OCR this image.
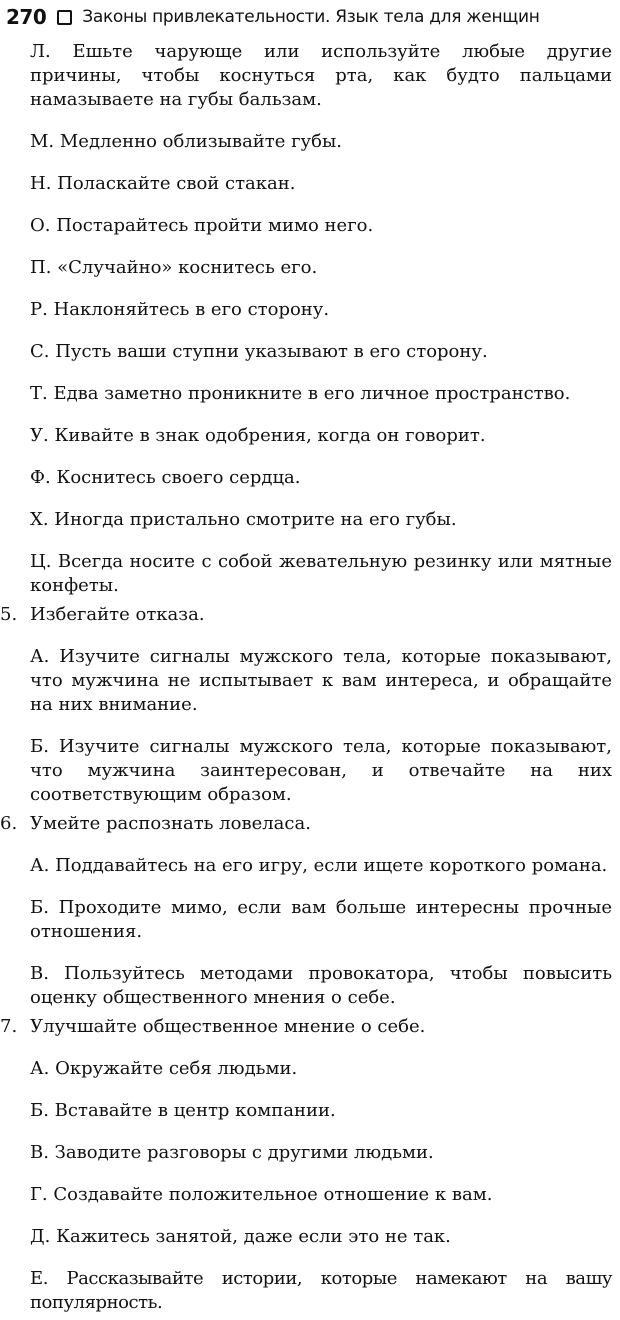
270 Законы привлекательности. Язык тела для женщин

Л. Ешьте чарующе или используйте любые другие причины, чтобы коснуться рта, как будто пальцами намазываете на губы бальзам.

М. Медленно облизывайте губы.

Н. Поласкайте свой стакан.

О. Постарайтесь пройти мимо него.

П. «Случайно» коснитесь его.

Р. Наклоняйтесь в его сторону.

С. Пусть ваши ступни указывают в его сторону.

Т. Едва заметно проникните в его личное пространство.

У. Кивайте в знак одобрения, когда он говорит.

Ф. Коснитесь своего сердца.

Х. Иногда пристально смотрите на его губы.

Ц. Всегда носите с собой жевательную резинку или мятные конфеты.

5. Избегайте отказа.

А. Изучите сигналы мужского тела, которые показывают, что мужчина не испытывает к вам интереса, и обращайте на них внимание.

Б. Изучите сигналы мужского тела, которые показывают, что мужчина заинтересован, и отвечайте на них соответствующим образом.

6. Умейте распознать ловеласа.

А. Поддавайтесь на его игру, если ищете короткого романа.

Б. Проходите мимо, если вам больше интересны прочные отношения.

В. Пользуйтесь методами провокатора, чтобы повысить оценку общественного мнения о себе.

7. Улучшайте общественное мнение о себе.

А. Окружайте себя людьми.

Б. Вставайте в центр компании.

В. Заводите разговоры с другими людьми.

Г. Создавайте положительное отношение к вам.

Д. Кажитесь занятой, даже если это не так.

Е. Рассказывайте истории, которые намекают на вашу популярность.
